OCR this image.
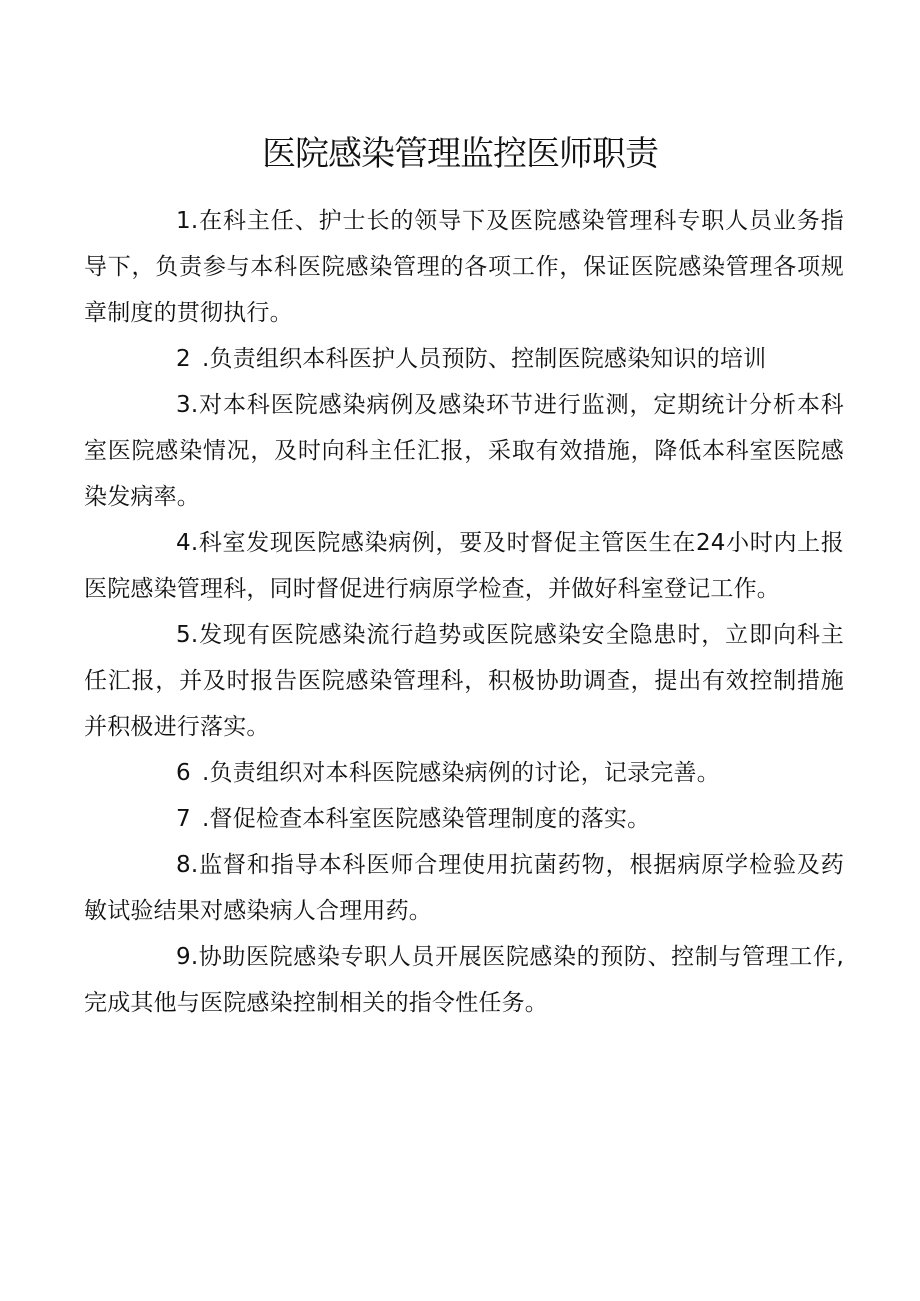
医院感染管理监控医师职责

1.在科主任、护士长的领导下及医院感染管理科专职人员业务指导下，负责参与本科医院感染管理的各项工作，保证医院感染管理各项规章制度的贯彻执行。

2 .负责组织本科医护人员预防、控制医院感染知识的培训

3.对本科医院感染病例及感染环节进行监测，定期统计分析本科室医院感染情况，及时向科主任汇报，采取有效措施，降低本科室医院感染发病率。

4.科室发现医院感染病例，要及时督促主管医生在24小时内上报医院感染管理科，同时督促进行病原学检查，并做好科室登记工作。

5.发现有医院感染流行趋势或医院感染安全隐患时，立即向科主任汇报，并及时报告医院感染管理科，积极协助调查，提出有效控制措施并积极进行落实。

6 .负责组织对本科医院感染病例的讨论，记录完善。

7 .督促检查本科室医院感染管理制度的落实。

8.监督和指导本科医师合理使用抗菌药物，根据病原学检验及药敏试验结果对感染病人合理用药。

9.协助医院感染专职人员开展医院感染的预防、控制与管理工作,完成其他与医院感染控制相关的指令性任务。
